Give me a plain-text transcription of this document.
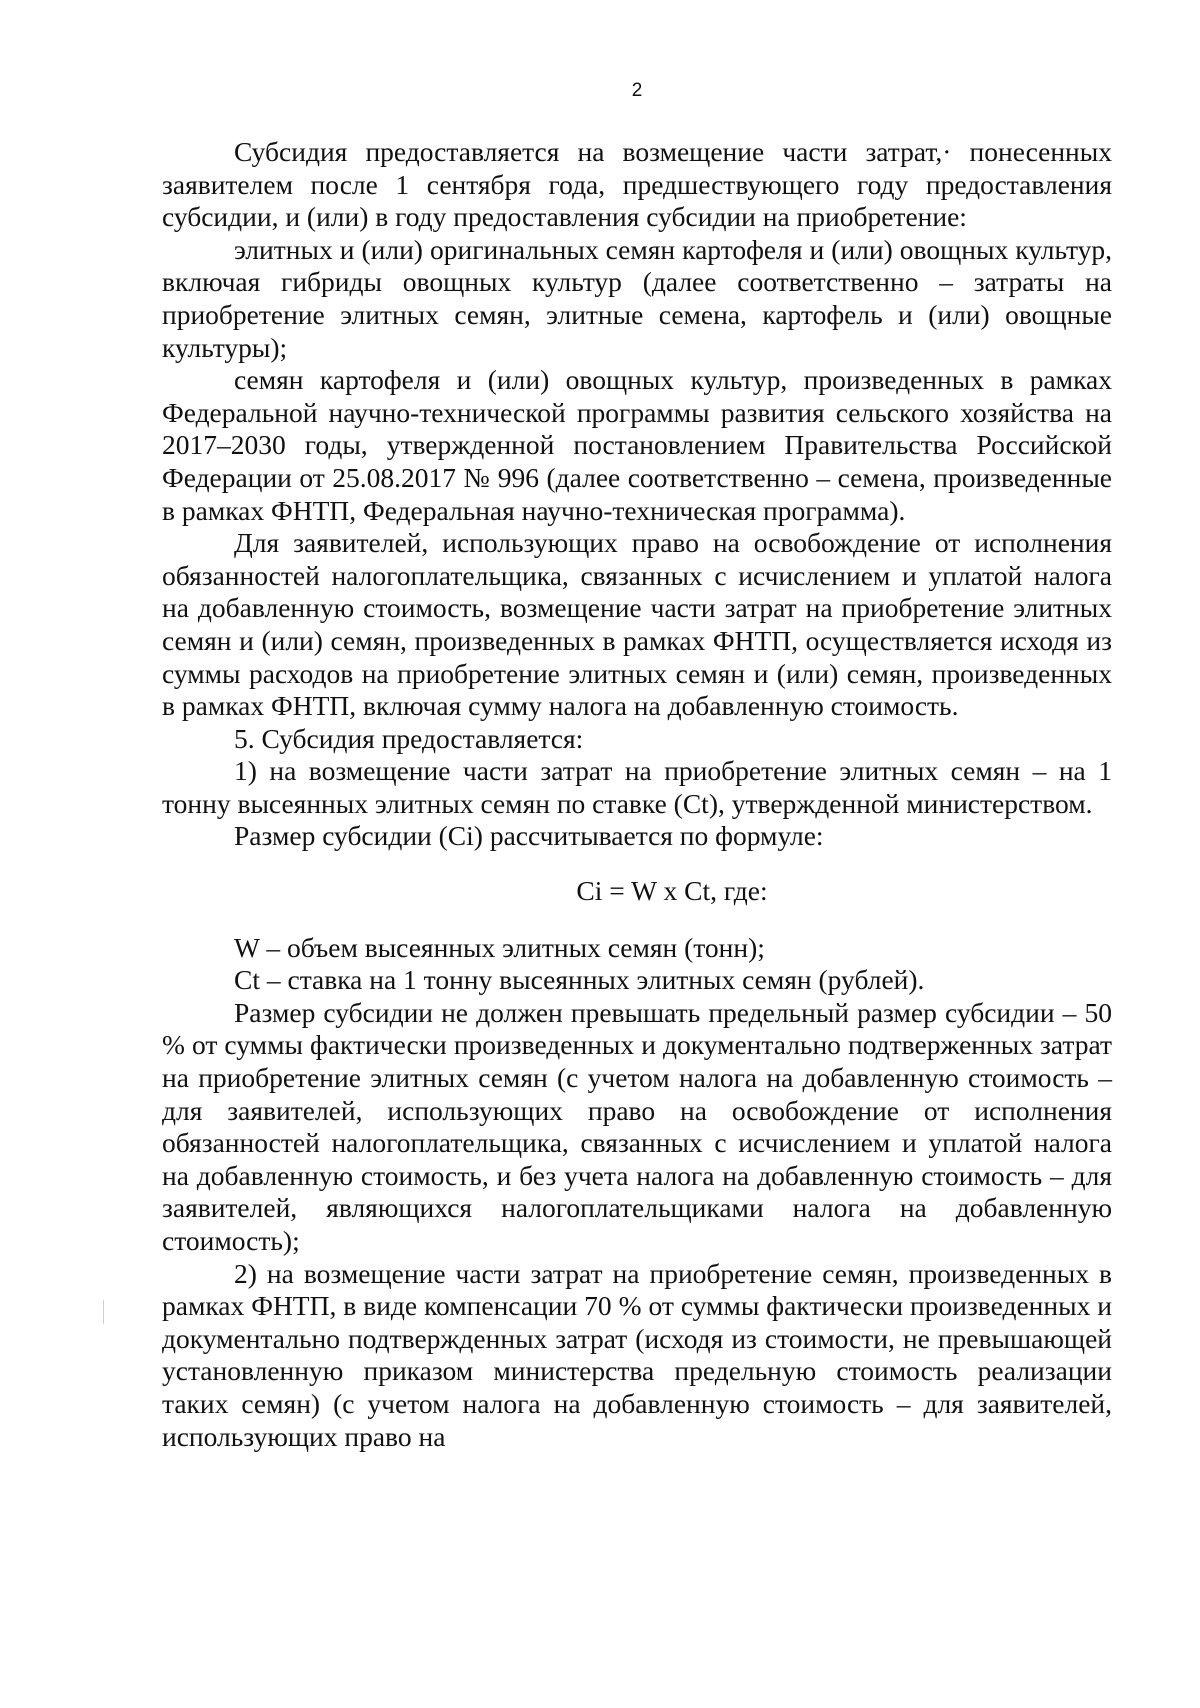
2

Субсидия предоставляется на возмещение части затрат,· понесенных заявителем после 1 сентября года, предшествующего году предоставления субсидии, и (или) в году предоставления субсидии на приобретение:

элитных и (или) оригинальных семян картофеля и (или) овощных культур, включая гибриды овощных культур (далее соответственно – затраты на приобретение элитных семян, элитные семена, картофель и (или) овощные культуры);

семян картофеля и (или) овощных культур, произведенных в рамках Федеральной научно-технической программы развития сельского хозяйства на 2017–2030 годы, утвержденной постановлением Правительства Российской Федерации от 25.08.2017 № 996 (далее соответственно – семена, произведенные в рамках ФНТП, Федеральная научно-техническая программа).

Для заявителей, использующих право на освобождение от исполнения обязанностей налогоплательщика, связанных с исчислением и уплатой налога на добавленную стоимость, возмещение части затрат на приобретение элитных семян и (или) семян, произведенных в рамках ФНТП, осуществляется исходя из суммы расходов на приобретение элитных семян и (или) семян, произведенных в рамках ФНТП, включая сумму налога на добавленную стоимость.

5. Субсидия предоставляется:

1) на возмещение части затрат на приобретение элитных семян – на 1 тонну высеянных элитных семян по ставке (Ct), утвержденной министерством.

Размер субсидии (Ci) рассчитывается по формуле:

Ci = W x Ct, где:

W – объем высеянных элитных семян (тонн);

Ct – ставка на 1 тонну высеянных элитных семян (рублей).

Размер субсидии не должен превышать предельный размер субсидии – 50 % от суммы фактически произведенных и документально подтверженных затрат на приобретение элитных семян (с учетом налога на добавленную стоимость – для заявителей, использующих право на освобождение от исполнения обязанностей налогоплательщика, связанных с исчислением и уплатой налога на добавленную стоимость, и без учета налога на добавленную стоимость – для заявителей, являющихся налогоплательщиками налога на добавленную стоимость);

2) на возмещение части затрат на приобретение семян, произведенных в рамках ФНТП, в виде компенсации 70 % от суммы фактически произведенных и документально подтвержденных затрат (исходя из стоимости, не превышающей установленную приказом министерства предельную стоимость реализации таких семян) (с учетом налога на добавленную стоимость – для заявителей, использующих право на
